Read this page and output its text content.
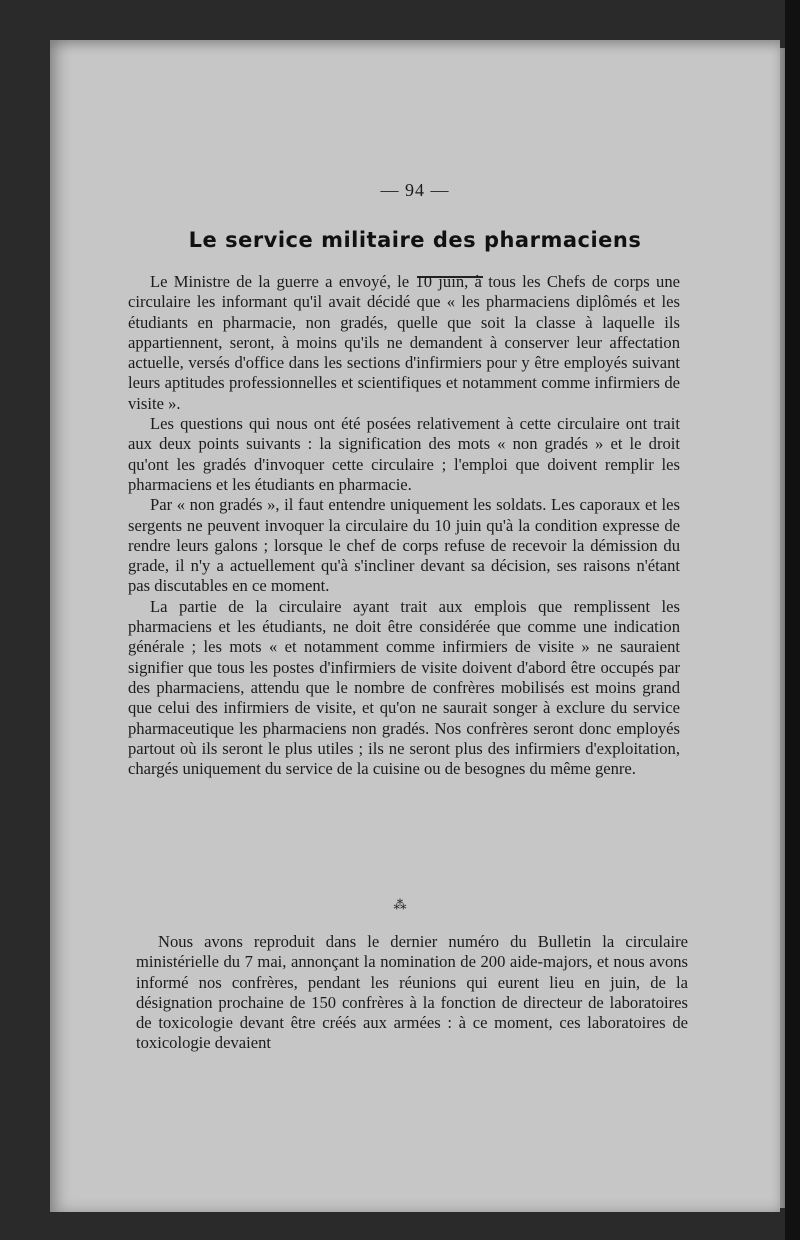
— 94 —
Le service militaire des pharmaciens

Le Ministre de la guerre a envoyé, le 10 juin, à tous les Chefs de corps une circulaire les informant qu'il avait décidé que « les pharmaciens diplômés et les étudiants en pharmacie, non gradés, quelle que soit la classe à laquelle ils appartiennent, seront, à moins qu'ils ne demandent à conserver leur affectation actuelle, versés d'office dans les sections d'infirmiers pour y être employés suivant leurs aptitudes professionnelles et scientifiques et notamment comme infirmiers de visite ».

Les questions qui nous ont été posées relativement à cette circulaire ont trait aux deux points suivants : la signification des mots « non gradés » et le droit qu'ont les gradés d'invoquer cette circulaire ; l'emploi que doivent remplir les pharmaciens et les étudiants en pharmacie.

Par « non gradés », il faut entendre uniquement les soldats. Les caporaux et les sergents ne peuvent invoquer la circulaire du 10 juin qu'à la condition expresse de rendre leurs galons ; lorsque le chef de corps refuse de recevoir la démission du grade, il n'y a actuellement qu'à s'incliner devant sa décision, ses raisons n'étant pas discutables en ce moment.

La partie de la circulaire ayant trait aux emplois que remplissent les pharmaciens et les étudiants, ne doit être considérée que comme une indication générale ; les mots « et notamment comme infirmiers de visite » ne sauraient signifier que tous les postes d'infirmiers de visite doivent d'abord être occupés par des pharmaciens, attendu que le nombre de confrères mobilisés est moins grand que celui des infirmiers de visite, et qu'on ne saurait songer à exclure du service pharmaceutique les pharmaciens non gradés. Nos confrères seront donc employés partout où ils seront le plus utiles ; ils ne seront plus des infirmiers d'exploitation, chargés uniquement du service de la cuisine ou de besognes du même genre.

⁂

Nous avons reproduit dans le dernier numéro du Bulletin la circulaire ministérielle du 7 mai, annonçant la nomination de 200 aide-majors, et nous avons informé nos confrères, pendant les réunions qui eurent lieu en juin, de la désignation prochaine de 150 confrères à la fonction de directeur de laboratoires de toxicologie devant être créés aux armées : à ce moment, ces laboratoires de toxicologie devaient
